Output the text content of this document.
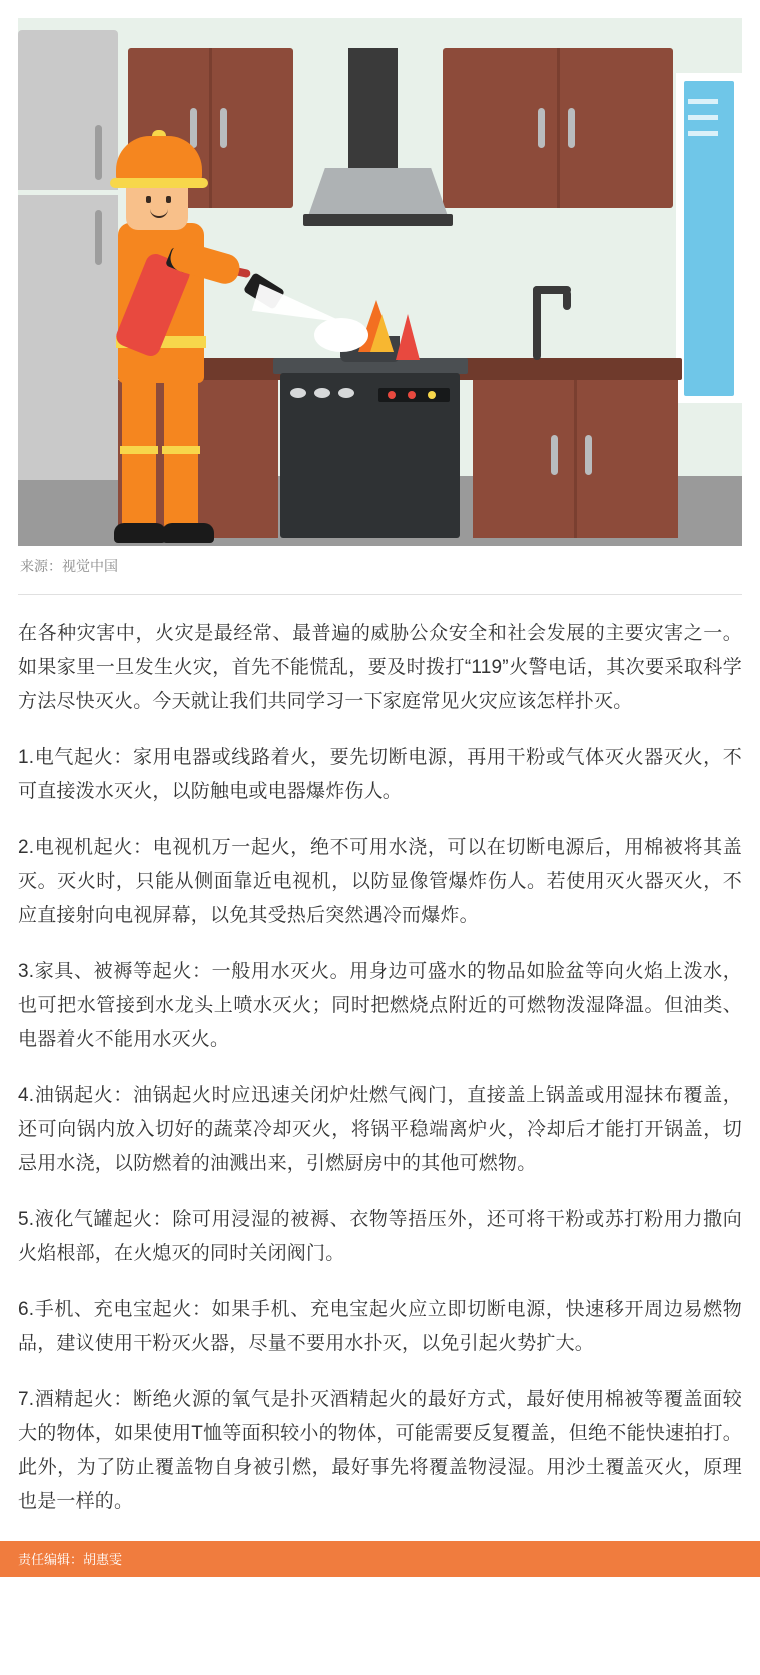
来源：视觉中国

在各种灾害中，火灾是最经常、最普遍的威胁公众安全和社会发展的主要灾害之一。如果家里一旦发生火灾，首先不能慌乱，要及时拨打“119”火警电话，其次要采取科学方法尽快灭火。今天就让我们共同学习一下家庭常见火灾应该怎样扑灭。

1.电气起火：家用电器或线路着火，要先切断电源，再用干粉或气体灭火器灭火，不可直接泼水灭火，以防触电或电器爆炸伤人。

2.电视机起火：电视机万一起火，绝不可用水浇，可以在切断电源后，用棉被将其盖灭。灭火时，只能从侧面靠近电视机，以防显像管爆炸伤人。若使用灭火器灭火，不应直接射向电视屏幕，以免其受热后突然遇冷而爆炸。

3.家具、被褥等起火：一般用水灭火。用身边可盛水的物品如脸盆等向火焰上泼水，也可把水管接到水龙头上喷水灭火；同时把燃烧点附近的可燃物泼湿降温。但油类、电器着火不能用水灭火。

4.油锅起火：油锅起火时应迅速关闭炉灶燃气阀门，直接盖上锅盖或用湿抹布覆盖，还可向锅内放入切好的蔬菜冷却灭火，将锅平稳端离炉火，冷却后才能打开锅盖，切忌用水浇，以防燃着的油溅出来，引燃厨房中的其他可燃物。

5.液化气罐起火：除可用浸湿的被褥、衣物等捂压外，还可将干粉或苏打粉用力撒向火焰根部，在火熄灭的同时关闭阀门。

6.手机、充电宝起火：如果手机、充电宝起火应立即切断电源，快速移开周边易燃物品，建议使用干粉灭火器，尽量不要用水扑灭，以免引起火势扩大。

7.酒精起火：断绝火源的氧气是扑灭酒精起火的最好方式，最好使用棉被等覆盖面较大的物体，如果使用T恤等面积较小的物体，可能需要反复覆盖，但绝不能快速拍打。此外，为了防止覆盖物自身被引燃，最好事先将覆盖物浸湿。用沙土覆盖灭火，原理也是一样的。

责任编辑：胡惠雯
